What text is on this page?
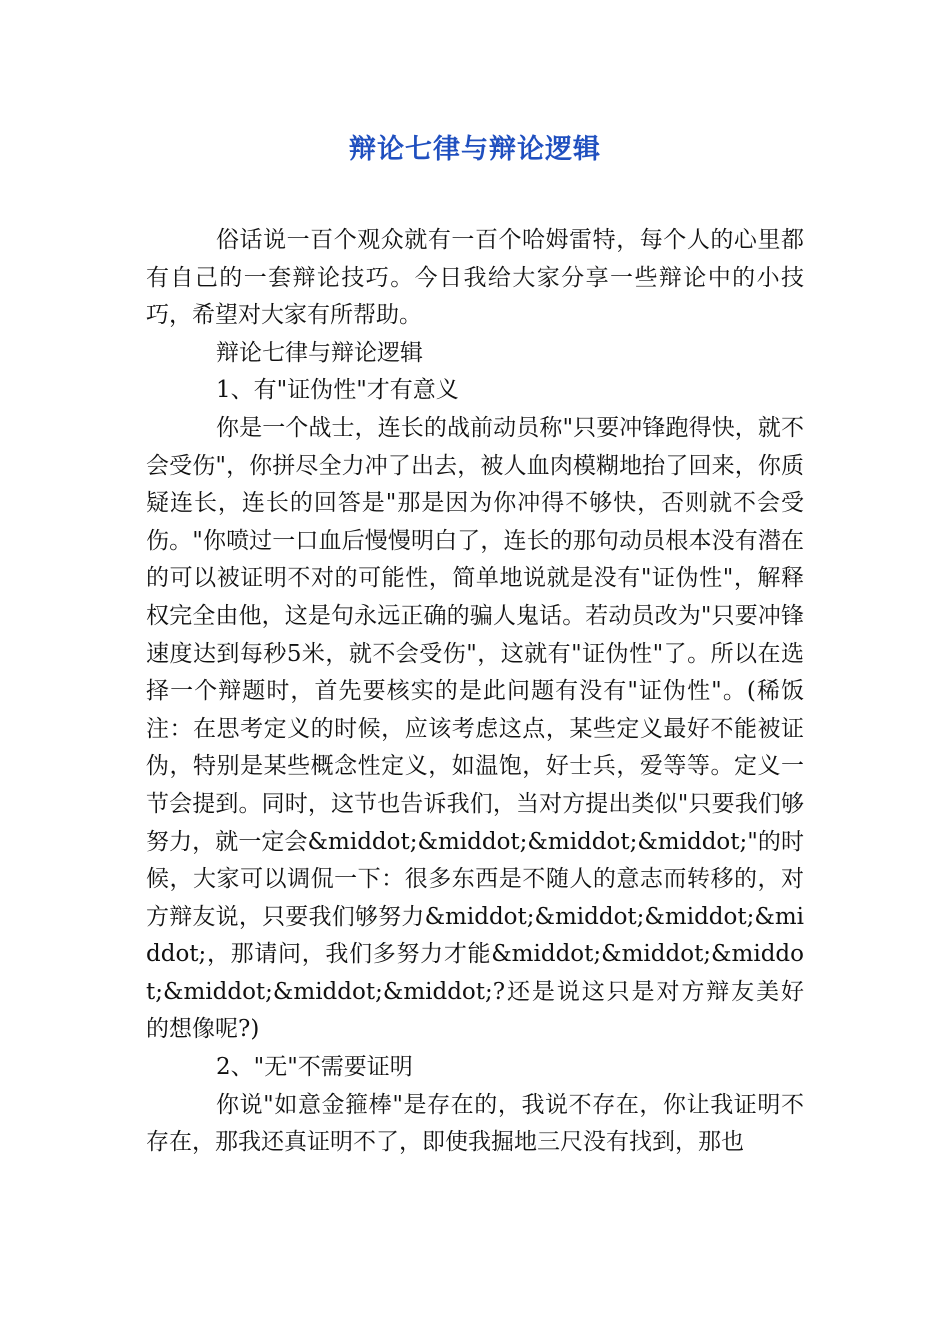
辩论七律与辩论逻辑

俗话说一百个观众就有一百个哈姆雷特，每个人的心里都有自己的一套辩论技巧。今日我给大家分享一些辩论中的小技巧，希望对大家有所帮助。

辩论七律与辩论逻辑

1、有"证伪性"才有意义

你是一个战士，连长的战前动员称"只要冲锋跑得快，就不会受伤"，你拼尽全力冲了出去，被人血肉模糊地抬了回来，你质疑连长，连长的回答是"那是因为你冲得不够快，否则就不会受伤。"你喷过一口血后慢慢明白了，连长的那句动员根本没有潜在的可以被证明不对的可能性，简单地说就是没有"证伪性"，解释权完全由他，这是句永远正确的骗人鬼话。若动员改为"只要冲锋速度达到每秒5米，就不会受伤"，这就有"证伪性"了。所以在选择一个辩题时，首先要核实的是此问题有没有"证伪性"。(稀饭注：在思考定义的时候，应该考虑这点，某些定义最好不能被证伪，特别是某些概念性定义，如温饱，好士兵，爱等等。定义一节会提到。同时，这节也告诉我们，当对方提出类似"只要我们够努力，就一定会&middot;&middot;&middot;&middot;"的时候，大家可以调侃一下：很多东西是不随人的意志而转移的，对方辩友说，只要我们够努力&middot;&middot;&middot;&middot;，那请问，我们多努力才能&middot;&middot;&middot;&middot;&middot;&middot;?还是说这只是对方辩友美好的想像呢?)

2、"无"不需要证明

你说"如意金箍棒"是存在的，我说不存在，你让我证明不存在，那我还真证明不了，即使我掘地三尺没有找到，那也
